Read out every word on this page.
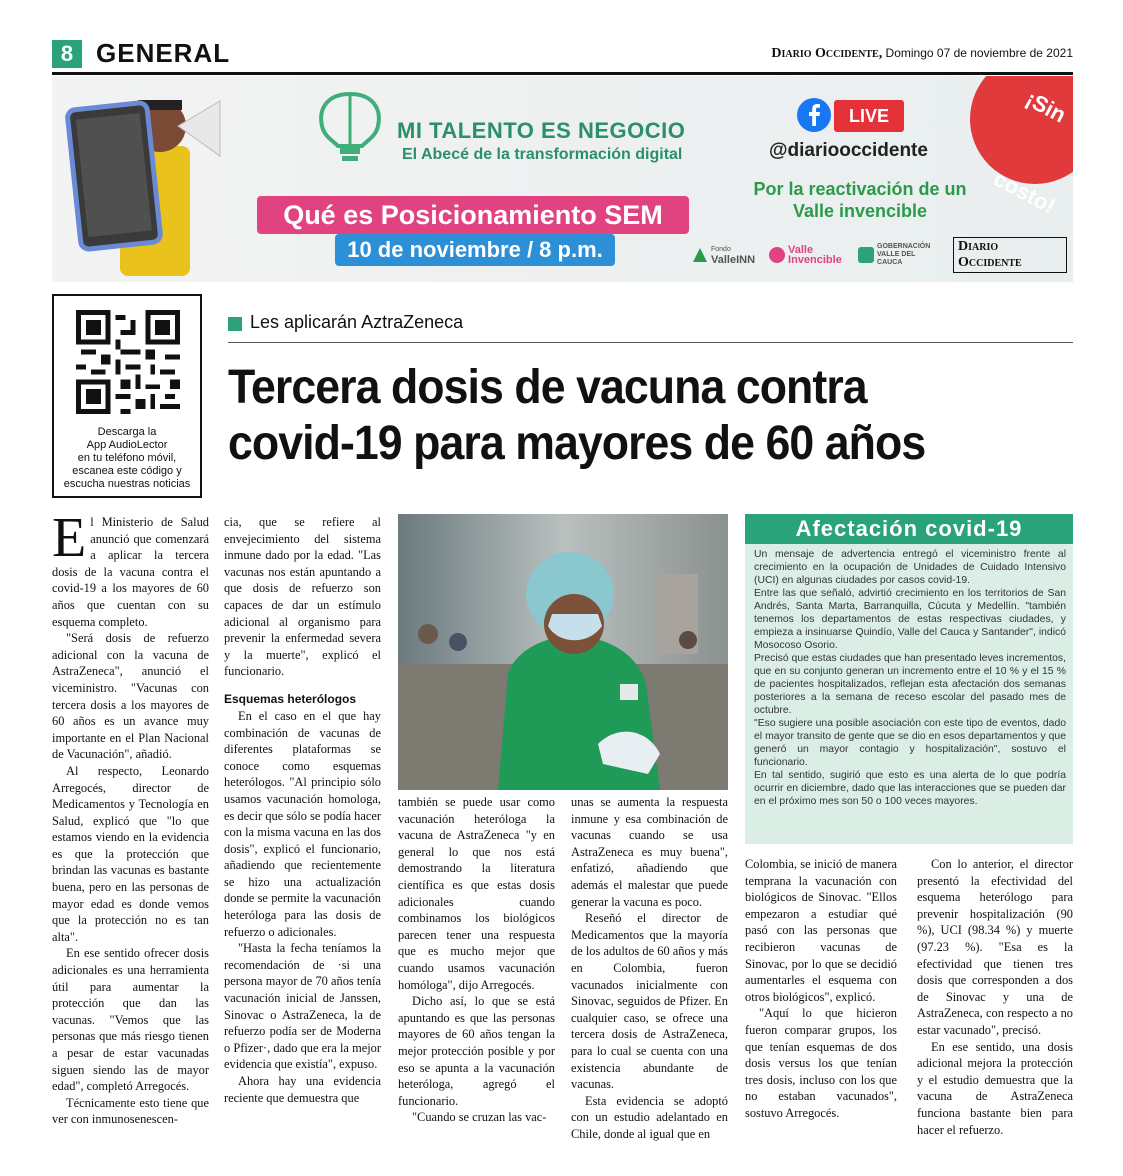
8 GENERAL	Diario Occidente, Domingo 07 de noviembre de 2021
MI TALENTO ES NEGOCIO
El Abecé de la transformación digital
Qué es Posicionamiento SEM
10 de noviembre / 8 p.m.
LIVE
@diariooccidente
Por la reactivación de un
Valle invencible
¡Sin

costo!
Fondo
ValleINN
Valle Invencible
GOBERNACIÓN VALLE DEL CAUCA
Diario Occidente
Descarga la
App AudioLector
en tu teléfono móvil,
escanea este código y
escucha nuestras noticias
Les aplicarán AztraZeneca
Tercera dosis de vacuna contra
covid-19 para mayores de 60 años

El Ministerio de Salud anunció que comenzará a aplicar la tercera dosis de la vacuna contra el covid-19 a los mayores de 60 años que cuentan con su esquema completo.

"Será dosis de refuerzo adicional con la vacuna de AstraZeneca", anunció el viceministro. "Vacunas con tercera dosis a los mayores de 60 años es un avance muy importante en el Plan Nacional de Vacunación", añadió.

Al respecto, Leonardo Arregocés, director de Medicamentos y Tecnología en Salud, explicó que "lo que estamos viendo en la evidencia es que la protección que brindan las vacunas es bastante buena, pero en las personas de mayor edad es donde vemos que la protección no es tan alta".

En ese sentido ofrecer dosis adicionales es una herramienta útil para aumentar la protección que dan las vacunas. "Vemos que las personas que más riesgo tienen a pesar de estar vacunadas siguen siendo las de mayor edad", completó Arregocés.

Técnicamente esto tiene que ver con inmunosenescen-

cia, que se refiere al envejecimiento del sistema inmune dado por la edad. "Las vacunas nos están apuntando a que dosis de refuerzo son capaces de dar un estímulo adicional al organismo para prevenir la enfermedad severa y la muerte", explicó el funcionario.

Esquemas heterólogos

En el caso en el que hay combinación de vacunas de diferentes plataformas se conoce como esquemas heterólogos. "Al principio sólo usamos vacunación homologa, es decir que sólo se podía hacer con la misma vacuna en las dos dosis", explicó el funcionario, añadiendo que recientemente se hizo una actualización donde se permite la vacunación heteróloga para las dosis de refuerzo o adicionales.

"Hasta la fecha teníamos la recomendación de ·si una persona mayor de 70 años tenía vacunación inicial de Janssen, Sinovac o AstraZeneca, la de refuerzo podía ser de Moderna o Pfizer·, dado que era la mejor evidencia que existía", expuso.

Ahora hay una evidencia reciente que demuestra que

también se puede usar como vacunación heteróloga la vacuna de AstraZeneca "y en general lo que nos está demostrando la literatura científica es que estas dosis adicionales cuando combinamos los biológicos parecen tener una respuesta que es mucho mejor que cuando usamos vacunación homóloga", dijo Arregocés.

Dicho así, lo que se está apuntando es que las personas mayores de 60 años tengan la mejor protección posible y por eso se apunta a la vacunación heteróloga, agregó el funcionario.

"Cuando se cruzan las vac-

unas se aumenta la respuesta inmune y esa combinación de vacunas cuando se usa AstraZeneca es muy buena", enfatizó, añadiendo que además el malestar que puede generar la vacuna es poco.

Reseñó el director de Medicamentos que la mayoría de los adultos de 60 años y más en Colombia, fueron vacunados inicialmente con Sinovac, seguidos de Pfizer. En cualquier caso, se ofrece una tercera dosis de AstraZeneca, para lo cual se cuenta con una existencia abundante de vacunas.

Esta evidencia se adoptó con un estudio adelantado en Chile, donde al igual que en

Afectación covid-19

Un mensaje de advertencia entregó el viceministro frente al crecimiento en la ocupación de Unidades de Cuidado Intensivo (UCI) en algunas ciudades por casos covid-19.

Entre las que señaló, advirtió crecimiento en los territorios de San Andrés, Santa Marta, Barranquilla, Cúcuta y Medellín. "también tenemos los departamentos de estas respectivas ciudades, y empieza a insinuarse Quindío, Valle del Cauca y Santander", indicó Mosocoso Osorio.

Precisó que estas ciudades que han presentado leves incrementos, que en su conjunto generan un incremento entre el 10 % y el 15 % de pacientes hospitalizados, reflejan esta afectación dos semanas posteriores a la semana de receso escolar del pasado mes de octubre.

"Eso sugiere una posible asociación con este tipo de eventos, dado el mayor transito de gente que se dio en esos departamentos y que generó un mayor contagio y hospitalización", sostuvo el funcionario.

En tal sentido, sugirió que esto es una alerta de lo que podría ocurrir en diciembre, dado que las interacciones que se pueden dar en el próximo mes son 50 o 100 veces mayores.

Colombia, se inició de manera temprana la vacunación con biológicos de Sinovac. "Ellos empezaron a estudiar qué pasó con las personas que recibieron vacunas de Sinovac, por lo que se decidió aumentarles el esquema con otros biológicos", explicó.

"Aquí lo que hicieron fueron comparar grupos, los que tenían esquemas de dos dosis versus los que tenían tres dosis, incluso con los que no estaban vacunados", sostuvo Arregocés.

Con lo anterior, el director presentó la efectividad del esquema heterólogo para prevenir hospitalización (90 %), UCI (98.34 %) y muerte (97.23 %). "Esa es la efectividad que tienen tres dosis que corresponden a dos de Sinovac y una de AstraZeneca, con respecto a no estar vacunado", precisó.

En ese sentido, una dosis adicional mejora la protección y el estudio demuestra que la vacuna de AstraZeneca funciona bastante bien para hacer el refuerzo.
